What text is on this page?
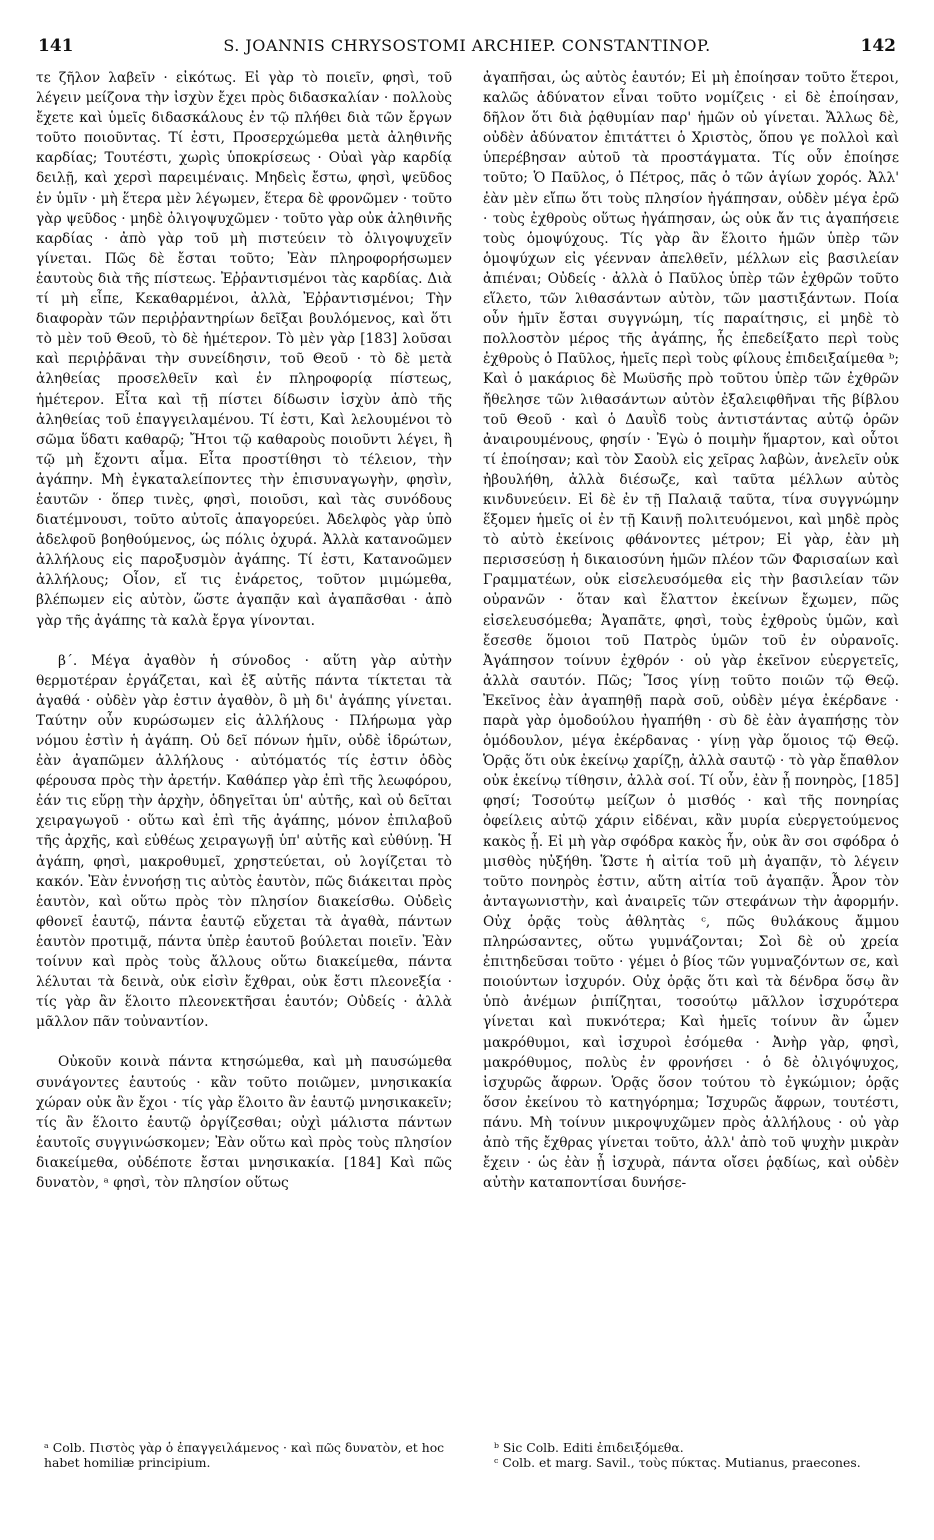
141	S. JOANNIS CHRYSOSTOMI ARCHIEP. CONSTANTINOP.	142

τε ζῆλον λαβεῖν · εἰκότως. Εἰ γὰρ τὸ ποιεῖν, φησὶ, τοῦ λέγειν μείζονα τὴν ἰσχὺν ἔχει πρὸς διδασκαλίαν · πολλοὺς ἔχετε καὶ ὑμεῖς διδασκάλους ἐν τῷ πλήθει διὰ τῶν ἔργων τοῦτο ποιοῦντας. Τί ἐστι, Προσερχώμεθα μετὰ ἀληθινῆς καρδίας; Τουτέστι, χωρὶς ὑποκρίσεως · Οὐαὶ γὰρ καρδίᾳ δειλῇ, καὶ χερσὶ παρειμέναις. Μηδεὶς ἔστω, φησὶ, ψεῦδος ἐν ὑμῖν · μὴ ἕτερα μὲν λέγωμεν, ἕτερα δὲ φρονῶμεν · τοῦτο γὰρ ψεῦδος · μηδὲ ὀλιγοψυχῶμεν · τοῦτο γὰρ οὐκ ἀληθινῆς καρδίας · ἀπὸ γὰρ τοῦ μὴ πιστεύειν τὸ ὀλιγοψυχεῖν γίνεται. Πῶς δὲ ἔσται τοῦτο; Ἐὰν πληροφορήσωμεν ἑαυτοὺς διὰ τῆς πίστεως. Ἐῤῥαντισμένοι τὰς καρδίας. Διὰ τί μὴ εἶπε, Κεκαθαρμένοι, ἀλλὰ, Ἐῤῥαντισμένοι; Τὴν διαφορὰν τῶν περιῤῥαντηρίων δεῖξαι βουλόμενος, καὶ ὅτι τὸ μὲν τοῦ Θεοῦ, τὸ δὲ ἡμέτερον. Τὸ μὲν γὰρ [183] λοῦσαι καὶ περιῤῥᾶναι τὴν συνείδησιν, τοῦ Θεοῦ · τὸ δὲ μετὰ ἀληθείας προσελθεῖν καὶ ἐν πληροφορίᾳ πίστεως, ἡμέτερον. Εἶτα καὶ τῇ πίστει δίδωσιν ἰσχὺν ἀπὸ τῆς ἀληθείας τοῦ ἐπαγγειλαμένου. Τί ἐστι, Καὶ λελουμένοι τὸ σῶμα ὕδατι καθαρῷ; Ἤτοι τῷ καθαροὺς ποιοῦντι λέγει, ἢ τῷ μὴ ἔχοντι αἷμα. Εἶτα προστίθησι τὸ τέλειον, τὴν ἀγάπην. Μὴ ἐγκαταλείποντες τὴν ἐπισυναγωγὴν, φησὶν, ἑαυτῶν · ὅπερ τινὲς, φησὶ, ποιοῦσι, καὶ τὰς συνόδους διατέμνουσι, τοῦτο αὐτοῖς ἀπαγορεύει. Ἀδελφὸς γὰρ ὑπὸ ἀδελφοῦ βοηθούμενος, ὡς πόλις ὀχυρά. Ἀλλὰ κατανοῶμεν ἀλλήλους εἰς παροξυσμὸν ἀγάπης. Τί ἐστι, Κατανοῶμεν ἀλλήλους; Οἷον, εἴ τις ἐνάρετος, τοῦτον μιμώμεθα, βλέπωμεν εἰς αὐτὸν, ὥστε ἀγαπᾷν καὶ ἀγαπᾶσθαι · ἀπὸ γὰρ τῆς ἀγάπης τὰ καλὰ ἔργα γίνονται.

β΄. Μέγα ἀγαθὸν ἡ σύνοδος · αὕτη γὰρ αὐτὴν θερμοτέραν ἐργάζεται, καὶ ἐξ αὐτῆς πάντα τίκτεται τὰ ἀγαθά · οὐδὲν γὰρ ἐστιν ἀγαθὸν, ὃ μὴ δι' ἀγάπης γίνεται. Ταύτην οὖν κυρώσωμεν εἰς ἀλλήλους · Πλήρωμα γὰρ νόμου ἐστὶν ἡ ἀγάπη. Οὐ δεῖ πόνων ἡμῖν, οὐδὲ ἱδρώτων, ἐὰν ἀγαπῶμεν ἀλλήλους · αὐτόματός τίς ἐστιν ὁδὸς φέρουσα πρὸς τὴν ἀρετήν. Καθάπερ γὰρ ἐπὶ τῆς λεωφόρου, ἐάν τις εὕρῃ τὴν ἀρχὴν, ὁδηγεῖται ὑπ' αὐτῆς, καὶ οὐ δεῖται χειραγωγοῦ · οὕτω καὶ ἐπὶ τῆς ἀγάπης, μόνον ἐπιλαβοῦ τῆς ἀρχῆς, καὶ εὐθέως χειραγωγῇ ὑπ' αὐτῆς καὶ εὐθύνῃ. Ἡ ἀγάπη, φησὶ, μακροθυμεῖ, χρηστεύεται, οὐ λογίζεται τὸ κακόν. Ἐὰν ἐννοήσῃ τις αὐτὸς ἑαυτὸν, πῶς διάκειται πρὸς ἑαυτὸν, καὶ οὕτω πρὸς τὸν πλησίον διακείσθω. Οὐδεὶς φθονεῖ ἑαυτῷ, πάντα ἑαυτῷ εὔχεται τὰ ἀγαθὰ, πάντων ἑαυτὸν προτιμᾷ, πάντα ὑπὲρ ἑαυτοῦ βούλεται ποιεῖν. Ἐὰν τοίνυν καὶ πρὸς τοὺς ἄλλους οὕτω διακείμεθα, πάντα λέλυται τὰ δεινὰ, οὐκ εἰσὶν ἔχθραι, οὐκ ἔστι πλεονεξία · τίς γὰρ ἂν ἕλοιτο πλεονεκτῆσαι ἑαυτόν; Οὐδείς · ἀλλὰ μᾶλλον πᾶν τοὐναντίον.

Οὐκοῦν κοινὰ πάντα κτησώμεθα, καὶ μὴ παυσώμεθα συνάγοντες ἑαυτούς · κἂν τοῦτο ποιῶμεν, μνησικακία χώραν οὐκ ἂν ἔχοι · τίς γὰρ ἕλοιτο ἂν ἑαυτῷ μνησικακεῖν; τίς ἂν ἕλοιτο ἑαυτῷ ὀργίζεσθαι; οὐχὶ μάλιστα πάντων ἑαυτοῖς συγγινώσκομεν; Ἐὰν οὕτω καὶ πρὸς τοὺς πλησίον διακείμεθα, οὐδέποτε ἔσται μνησικακία. [184] Καὶ πῶς δυνατὸν, ᵃ φησὶ, τὸν πλησίον οὕτως

ἀγαπῆσαι, ὡς αὐτὸς ἑαυτόν; Εἰ μὴ ἐποίησαν τοῦτο ἕτεροι, καλῶς ἀδύνατον εἶναι τοῦτο νομίζεις · εἰ δὲ ἐποίησαν, δῆλον ὅτι διὰ ῥᾳθυμίαν παρ' ἡμῶν οὐ γίνεται. Ἄλλως δὲ, οὐδὲν ἀδύνατον ἐπιτάττει ὁ Χριστὸς, ὅπου γε πολλοὶ καὶ ὑπερέβησαν αὐτοῦ τὰ προστάγματα. Τίς οὖν ἐποίησε τοῦτο; Ὁ Παῦλος, ὁ Πέτρος, πᾶς ὁ τῶν ἁγίων χορός. Ἀλλ' ἐὰν μὲν εἴπω ὅτι τοὺς πλησίον ἠγάπησαν, οὐδὲν μέγα ἐρῶ · τοὺς ἐχθροὺς οὕτως ἠγάπησαν, ὡς οὐκ ἄν τις ἀγαπήσειε τοὺς ὁμοψύχους. Τίς γὰρ ἂν ἕλοιτο ἡμῶν ὑπὲρ τῶν ὁμοψύχων εἰς γέενναν ἀπελθεῖν, μέλλων εἰς βασιλείαν ἀπιέναι; Οὐδείς · ἀλλὰ ὁ Παῦλος ὑπὲρ τῶν ἐχθρῶν τοῦτο εἵλετο, τῶν λιθασάντων αὐτὸν, τῶν μαστιξάντων. Ποία οὖν ἡμῖν ἔσται συγγνώμη, τίς παραίτησις, εἰ μηδὲ τὸ πολλοστὸν μέρος τῆς ἀγάπης, ἧς ἐπεδείξατο περὶ τοὺς ἐχθροὺς ὁ Παῦλος, ἡμεῖς περὶ τοὺς φίλους ἐπιδειξαίμεθα ᵇ; Καὶ ὁ μακάριος δὲ Μωϋσῆς πρὸ τοῦτου ὑπὲρ τῶν ἐχθρῶν ἤθελησε τῶν λιθασάντων αὐτὸν ἐξαλειφθῆναι τῆς βίβλου τοῦ Θεοῦ · καὶ ὁ Δαυῒδ τοὺς ἀντιστάντας αὐτῷ ὁρῶν ἀναιρουμένους, φησίν · Ἐγὼ ὁ ποιμὴν ἥμαρτον, καὶ οὗτοι τί ἐποίησαν; καὶ τὸν Σαοὺλ εἰς χεῖρας λαβὼν, ἀνελεῖν οὐκ ἠβουλήθη, ἀλλὰ διέσωζε, καὶ ταῦτα μέλλων αὐτὸς κινδυνεύειν. Εἰ δὲ ἐν τῇ Παλαιᾷ ταῦτα, τίνα συγγνώμην ἕξομεν ἡμεῖς οἱ ἐν τῇ Καινῇ πολιτευόμενοι, καὶ μηδὲ πρὸς τὸ αὐτὸ ἐκείνοις φθάνοντες μέτρον; Εἰ γὰρ, ἐὰν μὴ περισσεύσῃ ἡ δικαιοσύνη ἡμῶν πλέον τῶν Φαρισαίων καὶ Γραμματέων, οὐκ εἰσελευσόμεθα εἰς τὴν βασιλείαν τῶν οὐρανῶν · ὅταν καὶ ἔλαττον ἐκείνων ἔχωμεν, πῶς εἰσελευσόμεθα; Ἀγαπᾶτε, φησὶ, τοὺς ἐχθροὺς ὑμῶν, καὶ ἔσεσθε ὅμοιοι τοῦ Πατρὸς ὑμῶν τοῦ ἐν οὐρανοῖς. Ἀγάπησον τοίνυν ἐχθρόν · οὐ γὰρ ἐκεῖνον εὐεργετεῖς, ἀλλὰ σαυτόν. Πῶς; Ἴσος γίνῃ τοῦτο ποιῶν τῷ Θεῷ. Ἐκεῖνος ἐὰν ἀγαπηθῇ παρὰ σοῦ, οὐδὲν μέγα ἐκέρδανε · παρὰ γὰρ ὁμοδούλου ἠγαπήθη · σὺ δὲ ἐὰν ἀγαπήσῃς τὸν ὁμόδουλον, μέγα ἐκέρδανας · γίνῃ γὰρ ὅμοιος τῷ Θεῷ. Ὁρᾷς ὅτι οὐκ ἐκείνῳ χαρίζῃ, ἀλλὰ σαυτῷ · τὸ γὰρ ἔπαθλον οὐκ ἐκείνῳ τίθησιν, ἀλλὰ σοί. Τί οὖν, ἐὰν ᾖ πονηρὸς, [185] φησί; Τοσούτῳ μείζων ὁ μισθός · καὶ τῆς πονηρίας ὀφείλεις αὐτῷ χάριν εἰδέναι, κἂν μυρία εὐεργετούμενος κακὸς ᾖ. Εἰ μὴ γὰρ σφόδρα κακὸς ἦν, οὐκ ἂν σοι σφόδρα ὁ μισθὸς ηὐξήθη. Ὥστε ἡ αἰτία τοῦ μὴ ἀγαπᾷν, τὸ λέγειν τοῦτο πονηρὸς ἐστιν, αὕτη αἰτία τοῦ ἀγαπᾷν. Ἆρον τὸν ἀνταγωνιστὴν, καὶ ἀναιρεῖς τῶν στεφάνων τὴν ἀφορμήν. Οὐχ ὁρᾷς τοὺς ἀθλητὰς ᶜ, πῶς θυλάκους ἄμμου πληρώσαντες, οὕτω γυμνάζονται; Σοὶ δὲ οὐ χρεία ἐπιτηδεῦσαι τοῦτο · γέμει ὁ βίος τῶν γυμναζόντων σε, καὶ ποιούντων ἰσχυρόν. Οὐχ ὁρᾷς ὅτι καὶ τὰ δένδρα ὅσῳ ἂν ὑπὸ ἀνέμων ῥιπίζηται, τοσούτῳ μᾶλλον ἰσχυρότερα γίνεται καὶ πυκνότερα; Καὶ ἡμεῖς τοίνυν ἂν ὦμεν μακρόθυμοι, καὶ ἰσχυροὶ ἐσόμεθα · Ἀνὴρ γὰρ, φησὶ, μακρόθυμος, πολὺς ἐν φρονήσει · ὁ δὲ ὀλιγόψυχος, ἰσχυρῶς ἄφρων. Ὁρᾷς ὅσον τούτου τὸ ἐγκώμιον; ὁρᾷς ὅσον ἐκείνου τὸ κατηγόρημα; Ἰσχυρῶς ἄφρων, τουτέστι, πάνυ. Μὴ τοίνυν μικροψυχῶμεν πρὸς ἀλλήλους · οὐ γὰρ ἀπὸ τῆς ἔχθρας γίνεται τοῦτο, ἀλλ' ἀπὸ τοῦ ψυχὴν μικρὰν ἔχειν · ὡς ἐὰν ᾖ ἰσχυρὰ, πάντα οἴσει ῥᾳδίως, καὶ οὐδὲν αὐτὴν καταποντίσαι δυνήσε-

ᵃ Colb. Πιστὸς γὰρ ὁ ἐπαγγειλάμενος · καὶ πῶς δυνατὸν, et hoc habet homiliæ principium.

ᵇ Sic Colb. Editi ἐπιδειξόμεθα.

ᶜ Colb. et marg. Savil., τοὺς πύκτας. Mutianus, praecones.
